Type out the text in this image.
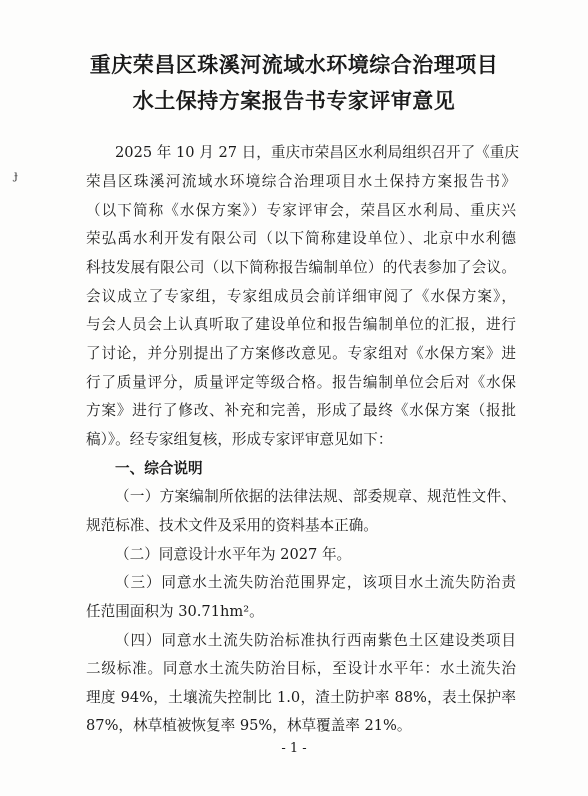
重庆荣昌区珠溪河流域水环境综合治理项目
水土保持方案报告书专家评审意见
ɟ
2025 年 10 月 27 日，重庆市荣昌区水利局组织召开了《重庆
荣昌区珠溪河流域水环境综合治理项目水土保持方案报告书》
（以下简称《水保方案》）专家评审会，荣昌区水利局、重庆兴
荣弘禹水利开发有限公司（以下简称建设单位）、北京中水利德
科技发展有限公司（以下简称报告编制单位）的代表参加了会议。
会议成立了专家组，专家组成员会前详细审阅了《水保方案》，
与会人员会上认真听取了建设单位和报告编制单位的汇报，进行
了讨论，并分别提出了方案修改意见。专家组对《水保方案》进
行了质量评分，质量评定等级合格。报告编制单位会后对《水保
方案》进行了修改、补充和完善，形成了最终《水保方案（报批
稿）》。经专家组复核，形成专家评审意见如下：
一、综合说明
（一）方案编制所依据的法律法规、部委规章、规范性文件、
规范标准、技术文件及采用的资料基本正确。
（二）同意设计水平年为 2027 年。
（三）同意水土流失防治范围界定，该项目水土流失防治责
任范围面积为 30.71hm²。
（四）同意水土流失防治标准执行西南紫色土区建设类项目
二级标准。同意水土流失防治目标，至设计水平年：水土流失治
理度 94%，土壤流失控制比 1.0，渣土防护率 88%，表土保护率
87%，林草植被恢复率 95%，林草覆盖率 21%。
- 1 -
